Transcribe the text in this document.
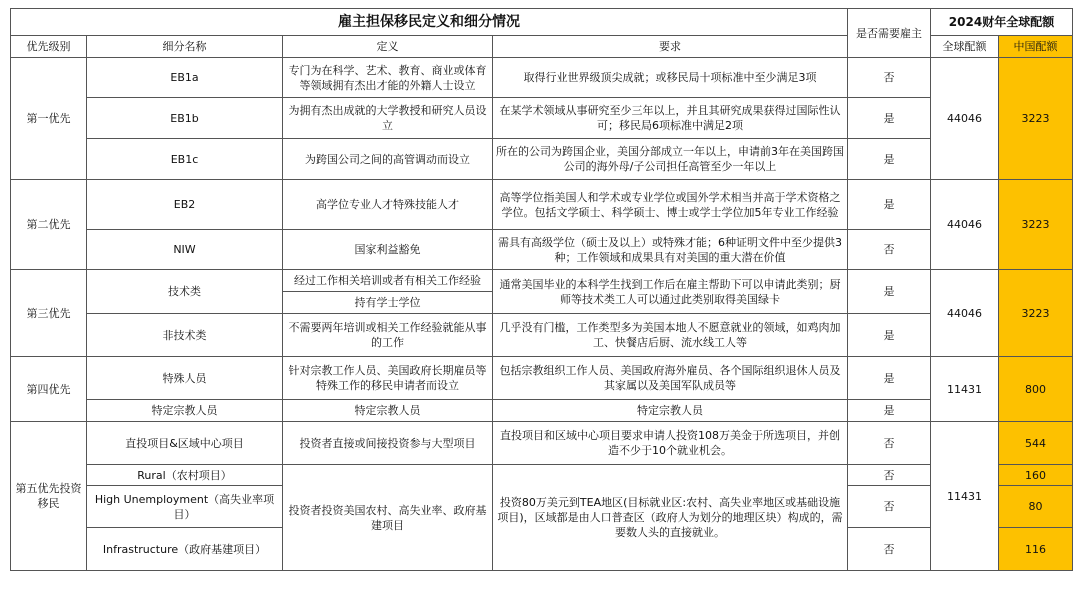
雇主担保移民定义和细分情况				是否需要雇主	2024财年全球配额	
优先级别	细分名称	定义	要求		全球配额	中国配额
第一优先	EB1a	专门为在科学、艺术、教育、商业或体育等领域拥有杰出才能的外籍人士设立	取得行业世界级顶尖成就；或移民局十项标准中至少满足3项	否	44046	3223
	EB1b	为拥有杰出成就的大学教授和研究人员设立	在某学术领域从事研究至少三年以上，并且其研究成果获得过国际性认可；移民局6项标准中满足2项	是		
	EB1c	为跨国公司之间的高管调动而设立	所在的公司为跨国企业，美国分部成立一年以上，申请前3年在美国跨国公司的海外母/子公司担任高管至少一年以上	是		
第二优先	EB2	高学位专业人才特殊技能人才	高等学位指美国人和学术或专业学位或国外学术相当并高于学术资格之学位。包括文学硕士、科学硕士、博士或学士学位加5年专业工作经验	是	44046	3223
	NIW	国家利益豁免	需具有高级学位（硕士及以上）或特殊才能；6种证明文件中至少提供3种；工作领域和成果具有对美国的重大潜在价值	否		
第三优先	技术类	经过工作相关培训或者有相关工作经验	通常美国毕业的本科学生找到工作后在雇主帮助下可以申请此类别；厨师等技术类工人可以通过此类别取得美国绿卡	是	44046	3223
		持有学士学位				
	非技术类	不需要两年培训或相关工作经验就能从事的工作	几乎没有门槛，工作类型多为美国本地人不愿意就业的领域，如鸡肉加工、快餐店后厨、流水线工人等	是		
第四优先	特殊人员	针对宗教工作人员、美国政府长期雇员等特殊工作的移民申请者而设立	包括宗教组织工作人员、美国政府海外雇员、各个国际组织退休人员及其家属以及美国军队成员等	是	11431	800
	特定宗教人员	特定宗教人员	特定宗教人员	是		
第五优先投资移民	直投项目&区域中心项目	投资者直接或间接投资参与大型项目	直投项目和区域中心项目要求申请人投资108万美金于所选项目，并创造不少于10个就业机会。	否	11431	544
	Rural（农村项目）	投资者投资美国农村、高失业率、政府基建项目	投资80万美元到TEA地区(目标就业区:农村、高失业率地区或基础设施项目)，区域都是由人口普查区（政府人为划分的地理区块）构成的，需要数人头的直接就业。	否		160
	High Unemployment（高失业率项目）			否		80
	Infrastructure（政府基建项目）			否		116
